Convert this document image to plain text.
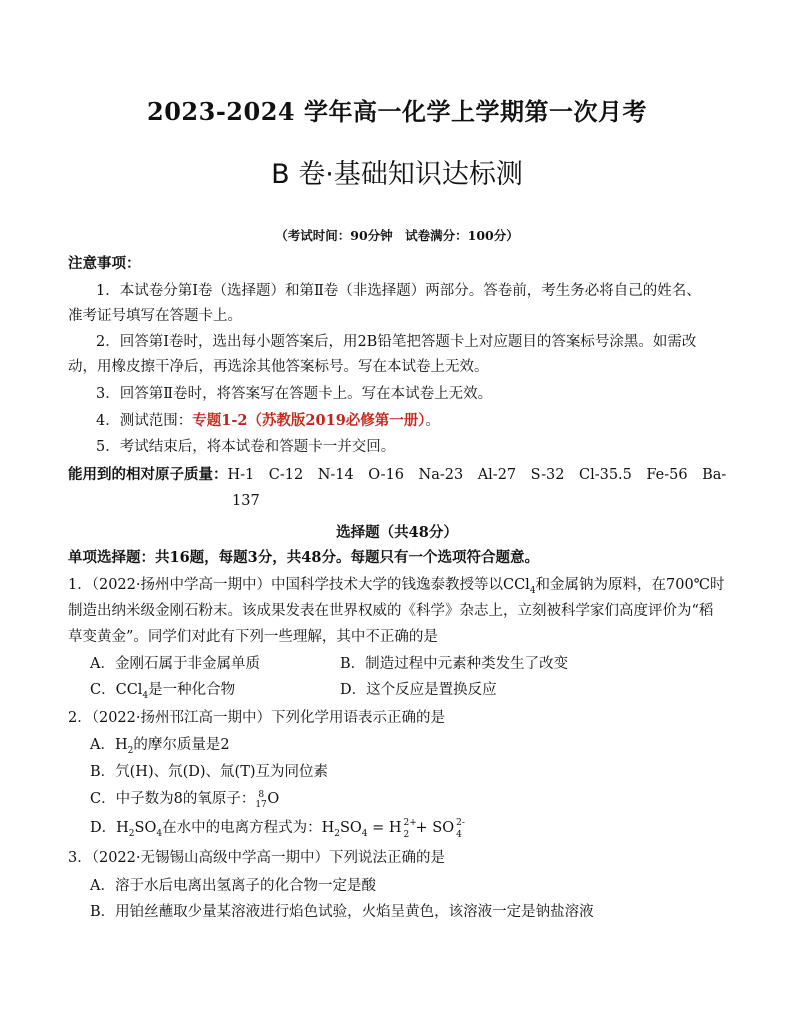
2023-2024 学年高一化学上学期第一次月考
B 卷·基础知识达标测
（考试时间：90分钟　试卷满分：100分）
注意事项：
1．本试卷分第Ⅰ卷（选择题）和第Ⅱ卷（非选择题）两部分。答卷前，考生务必将自己的姓名、
准考证号填写在答题卡上。
2．回答第Ⅰ卷时，选出每小题答案后，用2B铅笔把答题卡上对应题目的答案标号涂黑。如需改
动，用橡皮擦干净后，再选涂其他答案标号。写在本试卷上无效。
3．回答第Ⅱ卷时，将答案写在答题卡上。写在本试卷上无效。
4．测试范围：专题1-2（苏教版2019必修第一册）。
5．考试结束后，将本试卷和答题卡一并交回。
能用到的相对原子质量：H-1　C-12　N-14　O-16　Na-23　Al-27　S-32　Cl-35.5　Fe-56　Ba-
137
选择题（共48分）
单项选择题：共16题，每题3分，共48分。每题只有一个选项符合题意。
1．（2022·扬州中学高一期中）中国科学技术大学的钱逸泰教授等以CCl$_4$和金属钠为原料，在700℃时
制造出纳米级金刚石粉末。该成果发表在世界权威的《科学》杂志上，立刻被科学家们高度评价为“稻
草变黄金”。同学们对此有下列一些理解，其中不正确的是
A．金刚石属于非金属单质	B．制造过程中元素种类发生了改变
C．CCl$_4$是一种化合物	D．这个反应是置换反应
2．（2022·扬州邗江高一期中）下列化学用语表示正确的是
A．$H_2$的摩尔质量是2
B．氕(H)、氘(D)、氚(T)互为同位素
C．中子数为8的氧原子： 8
17 O
D．$H_2SO_4$在水中的电离方程式为：$H_2SO_4 = H$ 2+
2 + SO 2-
4
3．（2022·无锡锡山高级中学高一期中）下列说法正确的是
A．溶于水后电离出氢离子的化合物一定是酸
B．用铂丝蘸取少量某溶液进行焰色试验，火焰呈黄色，该溶液一定是钠盐溶液
